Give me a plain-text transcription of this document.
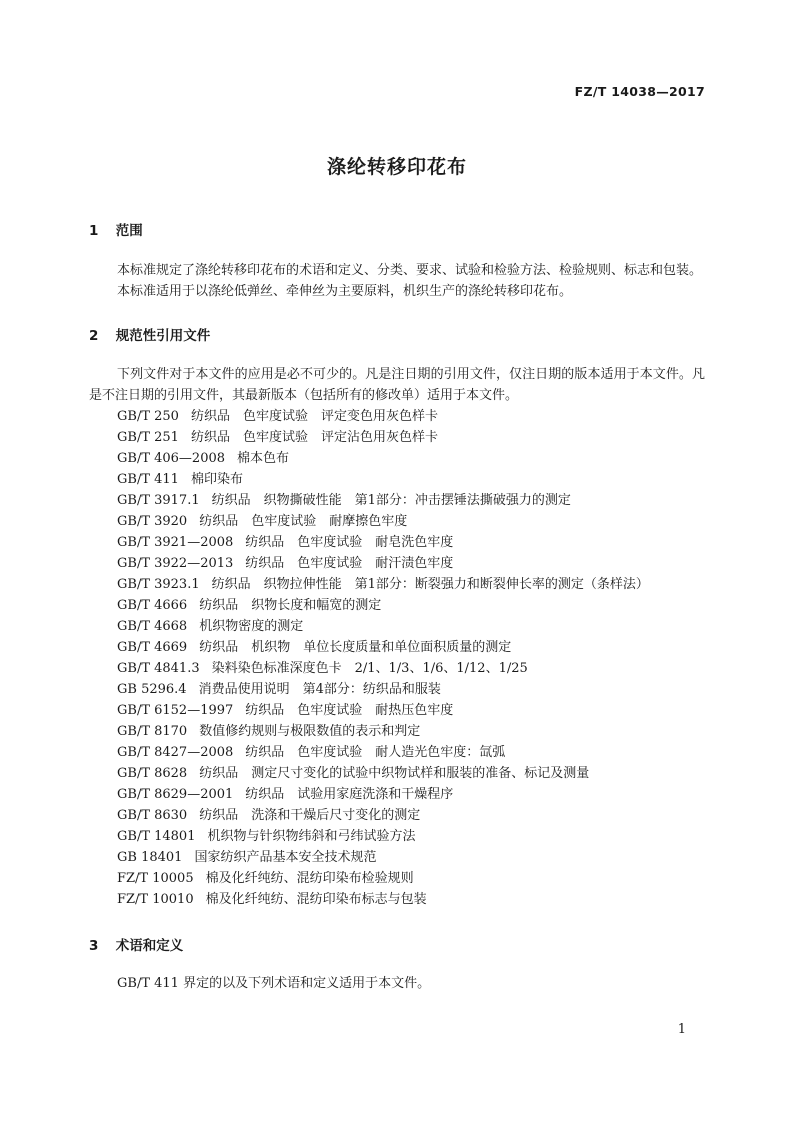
FZ/T 14038—2017
涤纶转移印花布
1 范围

本标准规定了涤纶转移印花布的术语和定义、分类、要求、试验和检验方法、检验规则、标志和包装。

本标准适用于以涤纶低弹丝、牵伸丝为主要原料，机织生产的涤纶转移印花布。

2 规范性引用文件

下列文件对于本文件的应用是必不可少的。凡是注日期的引用文件，仅注日期的版本适用于本文件。凡是不注日期的引用文件，其最新版本（包括所有的修改单）适用于本文件。

GB/T 250 纺织品　色牢度试验　评定变色用灰色样卡
GB/T 251 纺织品　色牢度试验　评定沾色用灰色样卡
GB/T 406—2008 棉本色布
GB/T 411 棉印染布
GB/T 3917.1 纺织品　织物撕破性能　第1部分：冲击摆锤法撕破强力的测定
GB/T 3920 纺织品　色牢度试验　耐摩擦色牢度
GB/T 3921—2008 纺织品　色牢度试验　耐皂洗色牢度
GB/T 3922—2013 纺织品　色牢度试验　耐汗渍色牢度
GB/T 3923.1 纺织品　织物拉伸性能　第1部分：断裂强力和断裂伸长率的测定（条样法）
GB/T 4666 纺织品　织物长度和幅宽的测定
GB/T 4668 机织物密度的测定
GB/T 4669 纺织品　机织物　单位长度质量和单位面积质量的测定
GB/T 4841.3 染料染色标准深度色卡　2/1、1/3、1/6、1/12、1/25
GB 5296.4 消费品使用说明　第4部分：纺织品和服装
GB/T 6152—1997 纺织品　色牢度试验　耐热压色牢度
GB/T 8170 数值修约规则与极限数值的表示和判定
GB/T 8427—2008 纺织品　色牢度试验　耐人造光色牢度：氙弧
GB/T 8628 纺织品　测定尺寸变化的试验中织物试样和服装的准备、标记及测量
GB/T 8629—2001 纺织品　试验用家庭洗涤和干燥程序
GB/T 8630 纺织品　洗涤和干燥后尺寸变化的测定
GB/T 14801 机织物与针织物纬斜和弓纬试验方法
GB 18401 国家纺织产品基本安全技术规范
FZ/T 10005 棉及化纤纯纺、混纺印染布检验规则
FZ/T 10010 棉及化纤纯纺、混纺印染布标志与包装
3 术语和定义

GB/T 411 界定的以及下列术语和定义适用于本文件。

1
